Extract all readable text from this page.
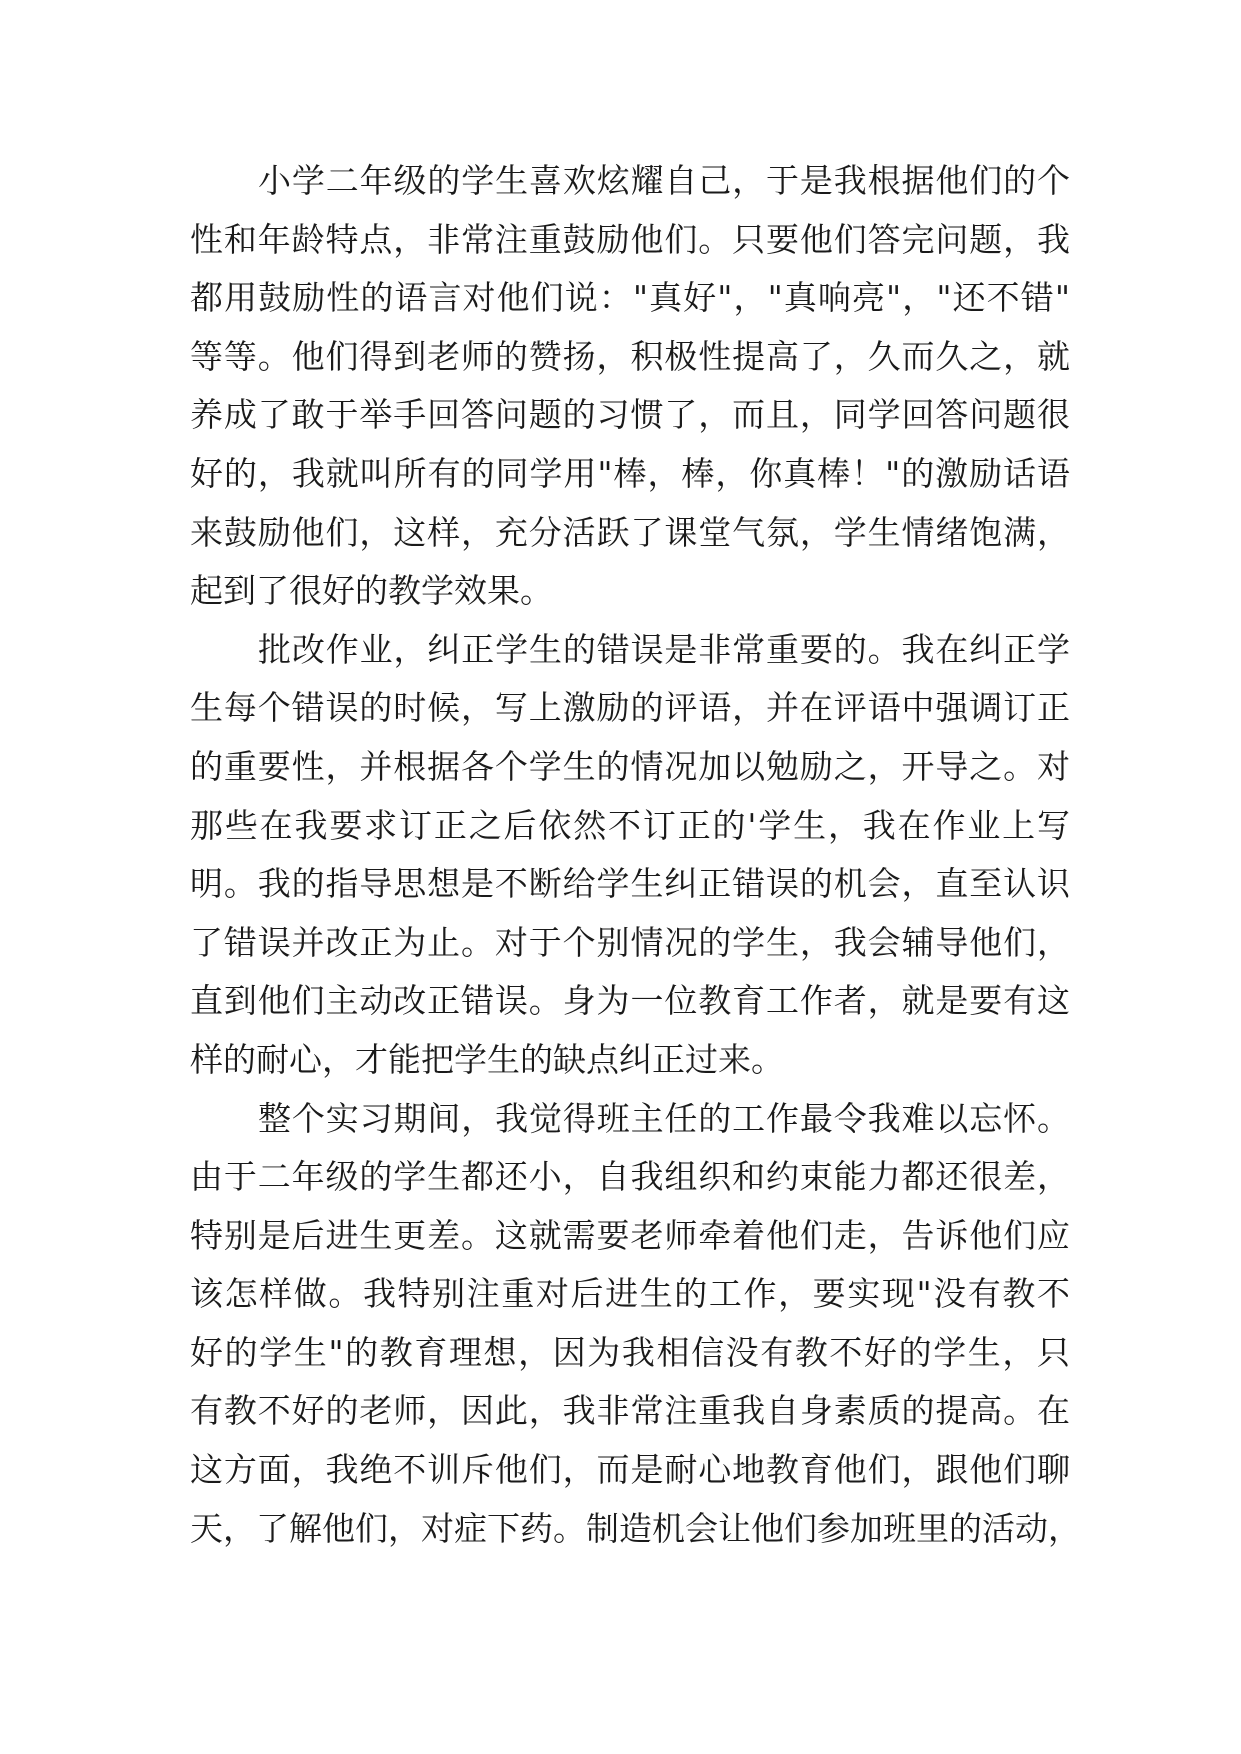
小学二年级的学生喜欢炫耀自己，于是我根据他们的个
性和年龄特点，非常注重鼓励他们。只要他们答完问题，我
都用鼓励性的语言对他们说："真好"，"真响亮"，"还不错"
等等。他们得到老师的赞扬，积极性提高了，久而久之，就
养成了敢于举手回答问题的习惯了，而且，同学回答问题很
好的，我就叫所有的同学用"棒，棒，你真棒！"的激励话语
来鼓励他们，这样，充分活跃了课堂气氛，学生情绪饱满，
起到了很好的教学效果。
批改作业，纠正学生的错误是非常重要的。我在纠正学
生每个错误的时候，写上激励的评语，并在评语中强调订正
的重要性，并根据各个学生的情况加以勉励之，开导之。对
那些在我要求订正之后依然不订正的'学生，我在作业上写
明。我的指导思想是不断给学生纠正错误的机会，直至认识
了错误并改正为止。对于个别情况的学生，我会辅导他们，
直到他们主动改正错误。身为一位教育工作者，就是要有这
样的耐心，才能把学生的缺点纠正过来。
整个实习期间，我觉得班主任的工作最令我难以忘怀。
由于二年级的学生都还小，自我组织和约束能力都还很差，
特别是后进生更差。这就需要老师牵着他们走，告诉他们应
该怎样做。我特别注重对后进生的工作，要实现"没有教不
好的学生"的教育理想，因为我相信没有教不好的学生，只
有教不好的老师，因此，我非常注重我自身素质的提高。在
这方面，我绝不训斥他们，而是耐心地教育他们，跟他们聊
天，了解他们，对症下药。制造机会让他们参加班里的活动，
